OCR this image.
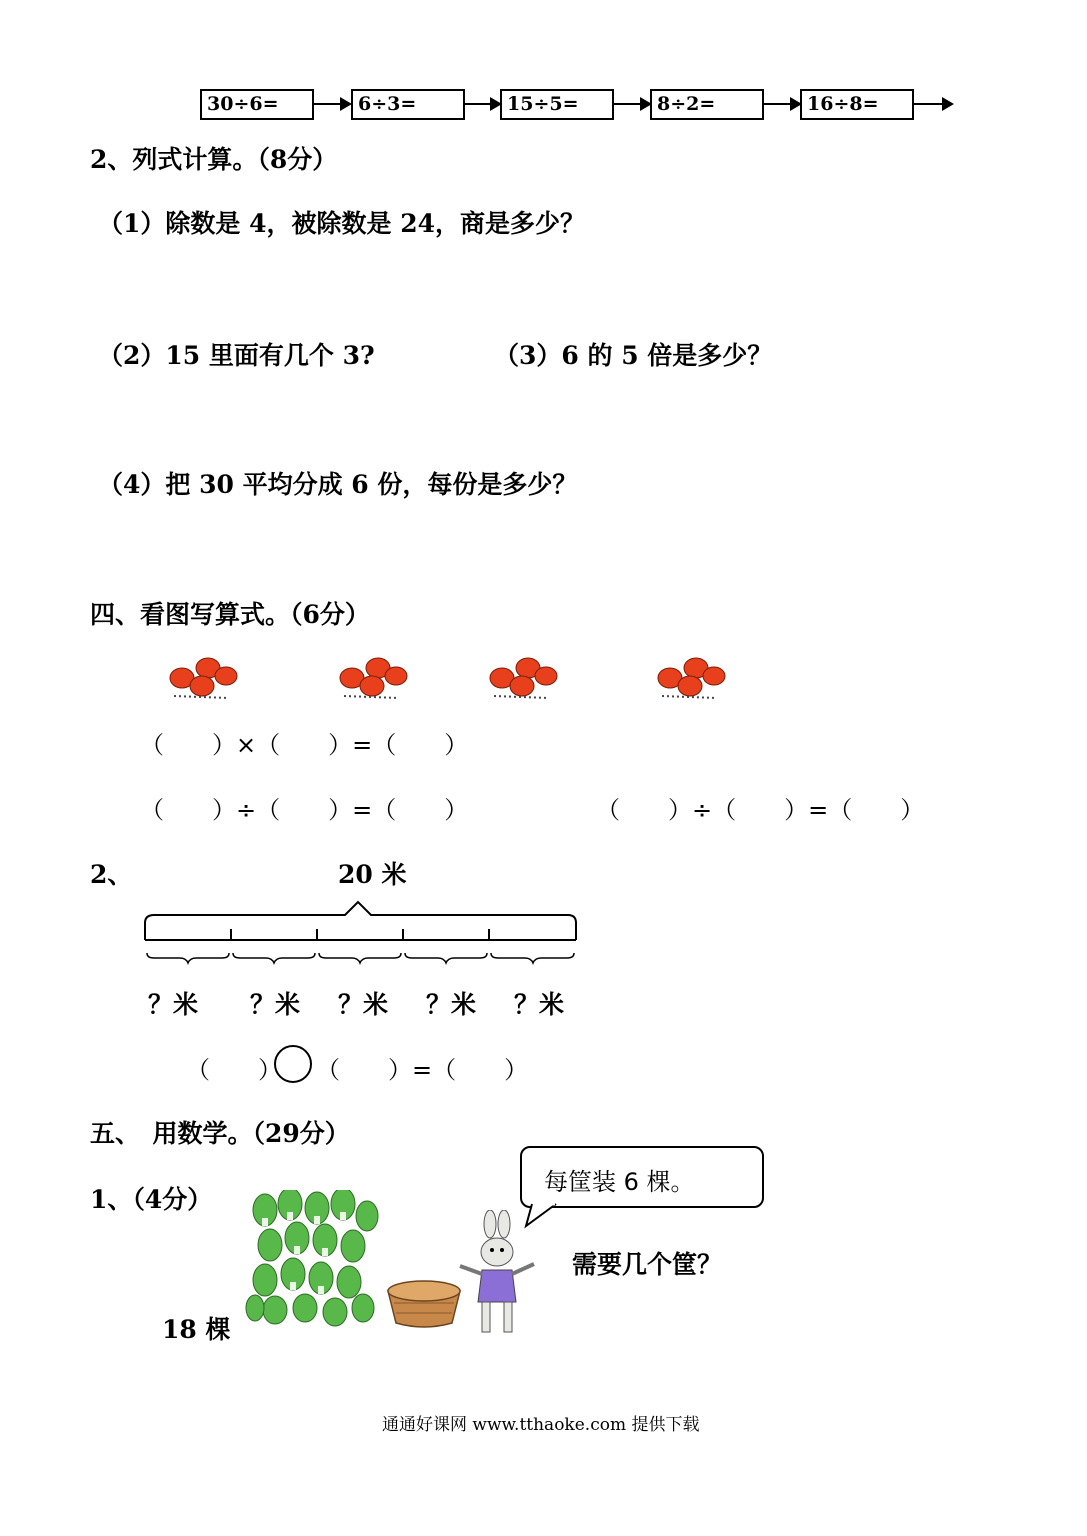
30÷6=	6÷3=	15÷5=	8÷2=	16÷8=
2、列式计算。（8分）
（1）除数是 4，被除数是 24，商是多少？
（2）15 里面有几个 3?	（3）6 的 5 倍是多少？
（4）把 30 平均分成 6 份，每份是多少？
四、看图写算式。（6分）
（　　）×（　　）=（　　）
（　　）÷（　　）=（　　）	（　　）÷（　　）=（　　）
2、	20 米
？米 ？米 ？米 ？米 ？米
（　　） （　　）=（　　）
五、　用数学。（29分）
1、（4分）
18 棵
每筐装 6 棵。
需要几个筐？
通通好课网 www.tthaoke.com 提供下载
